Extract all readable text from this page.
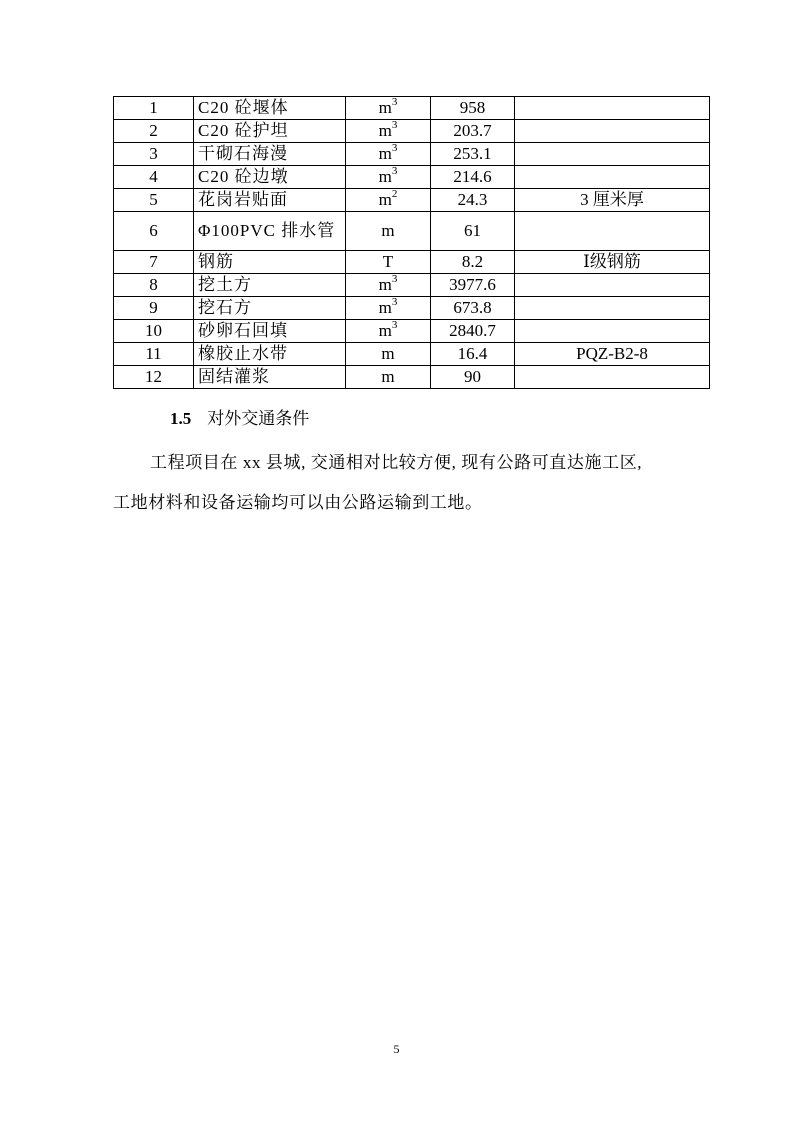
1	C20 砼堰体	$m^3$	958	
2	C20 砼护坦	$m^3$	203.7	
3	干砌石海漫	$m^3$	253.1	
4	C20 砼边墩	$m^3$	214.6	
5	花岗岩贴面	$m^2$	24.3	3 厘米厚
6	Φ100PVC 排水管	m	61	
7	钢筋	T	8.2	Ⅰ级钢筋
8	挖土方	$m^3$	3977.6	
9	挖石方	$m^3$	673.8	
10	砂卵石回填	$m^3$	2840.7	
11	橡胶止水带	m	16.4	PQZ-B2-8
12	固结灌浆	m	90	
1.5 对外交通条件
工程项目在 xx 县城, 交通相对比较方便, 现有公路可直达施工区,
工地材料和设备运输均可以由公路运输到工地。
5
